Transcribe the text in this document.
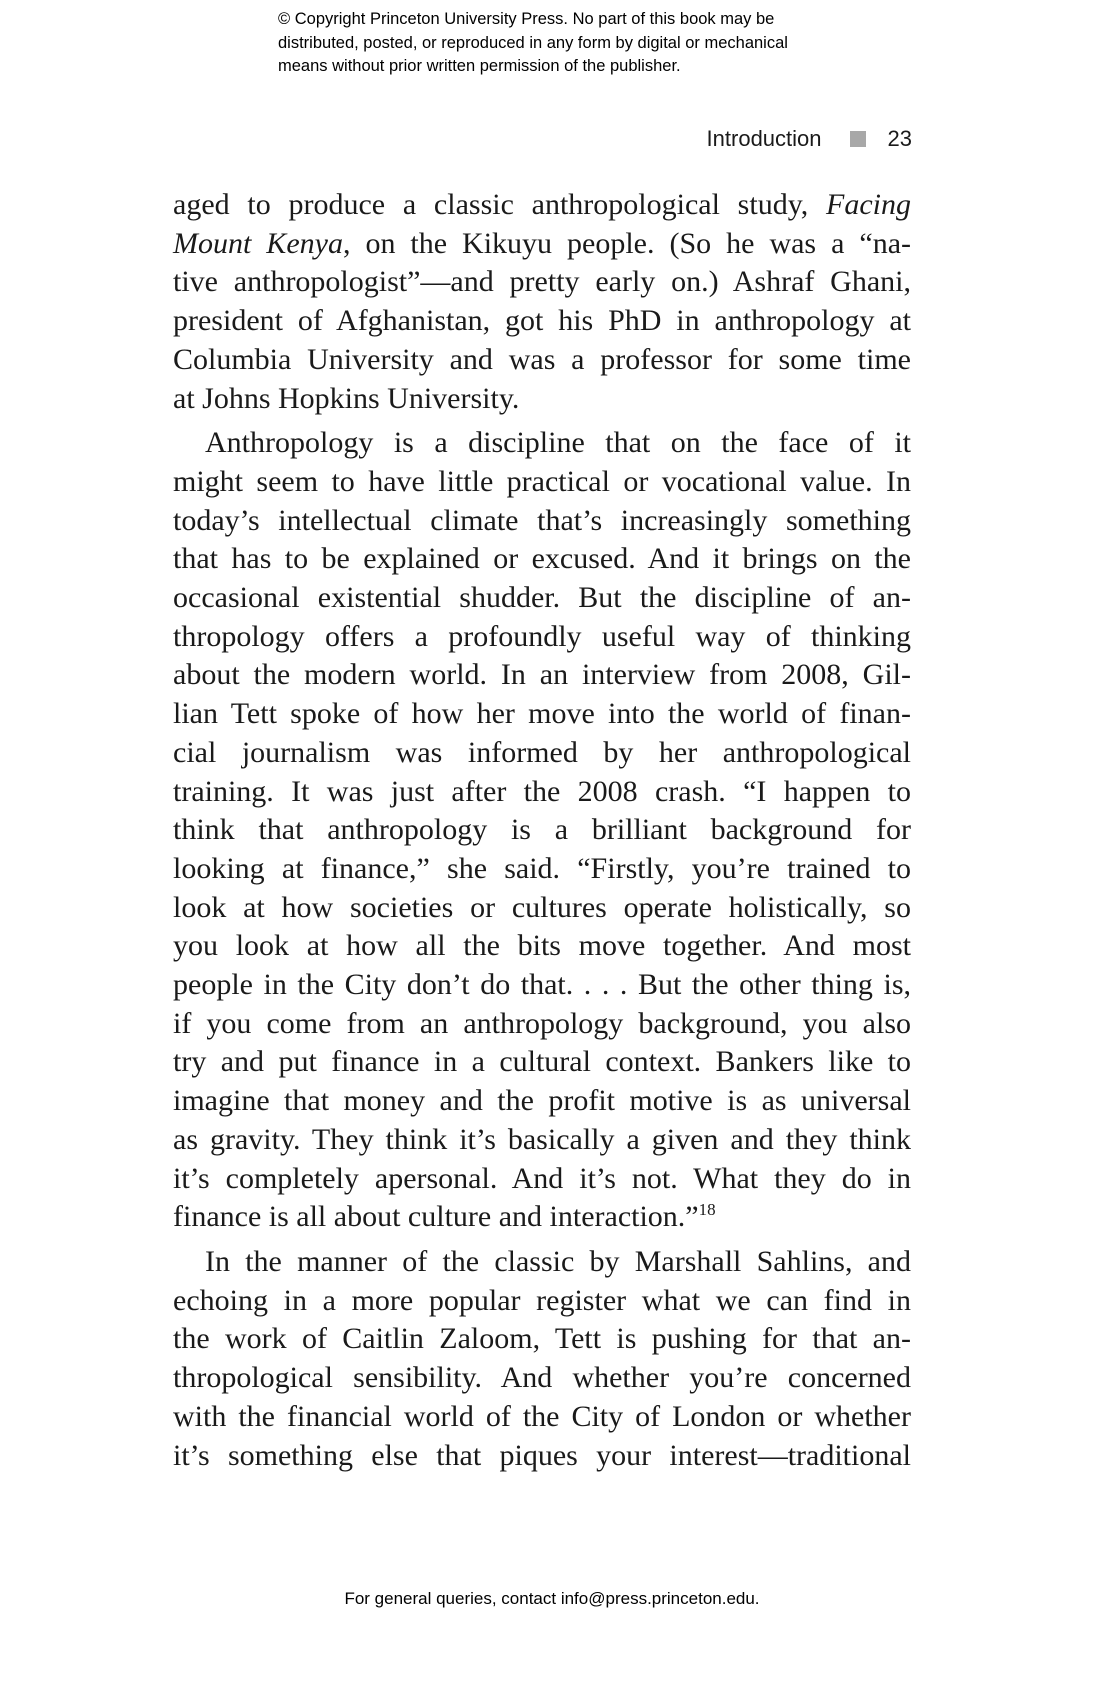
© Copyright Princeton University Press. No part of this book may be
distributed, posted, or reproduced in any form by digital or mechanical
means without prior written permission of the publisher.
Introduction	23

aged to produce a classic anthropological study, Facing
Mount Kenya, on the Kikuyu people. (So he was a “na-
tive anthropologist”—and pretty early on.) Ashraf Ghani,
president of Afghanistan, got his PhD in anthropology at
Columbia University and was a professor for some time
at Johns Hopkins University.

Anthropology is a discipline that on the face of it
might seem to have little practical or vocational value. In
today’s intellectual climate that’s increasingly something
that has to be explained or excused. And it brings on the
occasional existential shudder. But the discipline of an-
thropology offers a profoundly useful way of thinking
about the modern world. In an interview from 2008, Gil-
lian Tett spoke of how her move into the world of finan-
cial journalism was informed by her anthropological
training. It was just after the 2008 crash. “I happen to
think that anthropology is a brilliant background for
looking at finance,” she said. “Firstly, you’re trained to
look at how societies or cultures operate holistically, so
you look at how all the bits move together. And most
people in the City don’t do that. . . . But the other thing is,
if you come from an anthropology background, you also
try and put finance in a cultural context. Bankers like to
imagine that money and the profit motive is as universal
as gravity. They think it’s basically a given and they think
it’s completely apersonal. And it’s not. What they do in
finance is all about culture and interaction.”$^{18}$

In the manner of the classic by Marshall Sahlins, and
echoing in a more popular register what we can find in
the work of Caitlin Zaloom, Tett is pushing for that an-
thropological sensibility. And whether you’re concerned
with the financial world of the City of London or whether
it’s something else that piques your interest—traditional

For general queries, contact info@press.princeton.edu.
